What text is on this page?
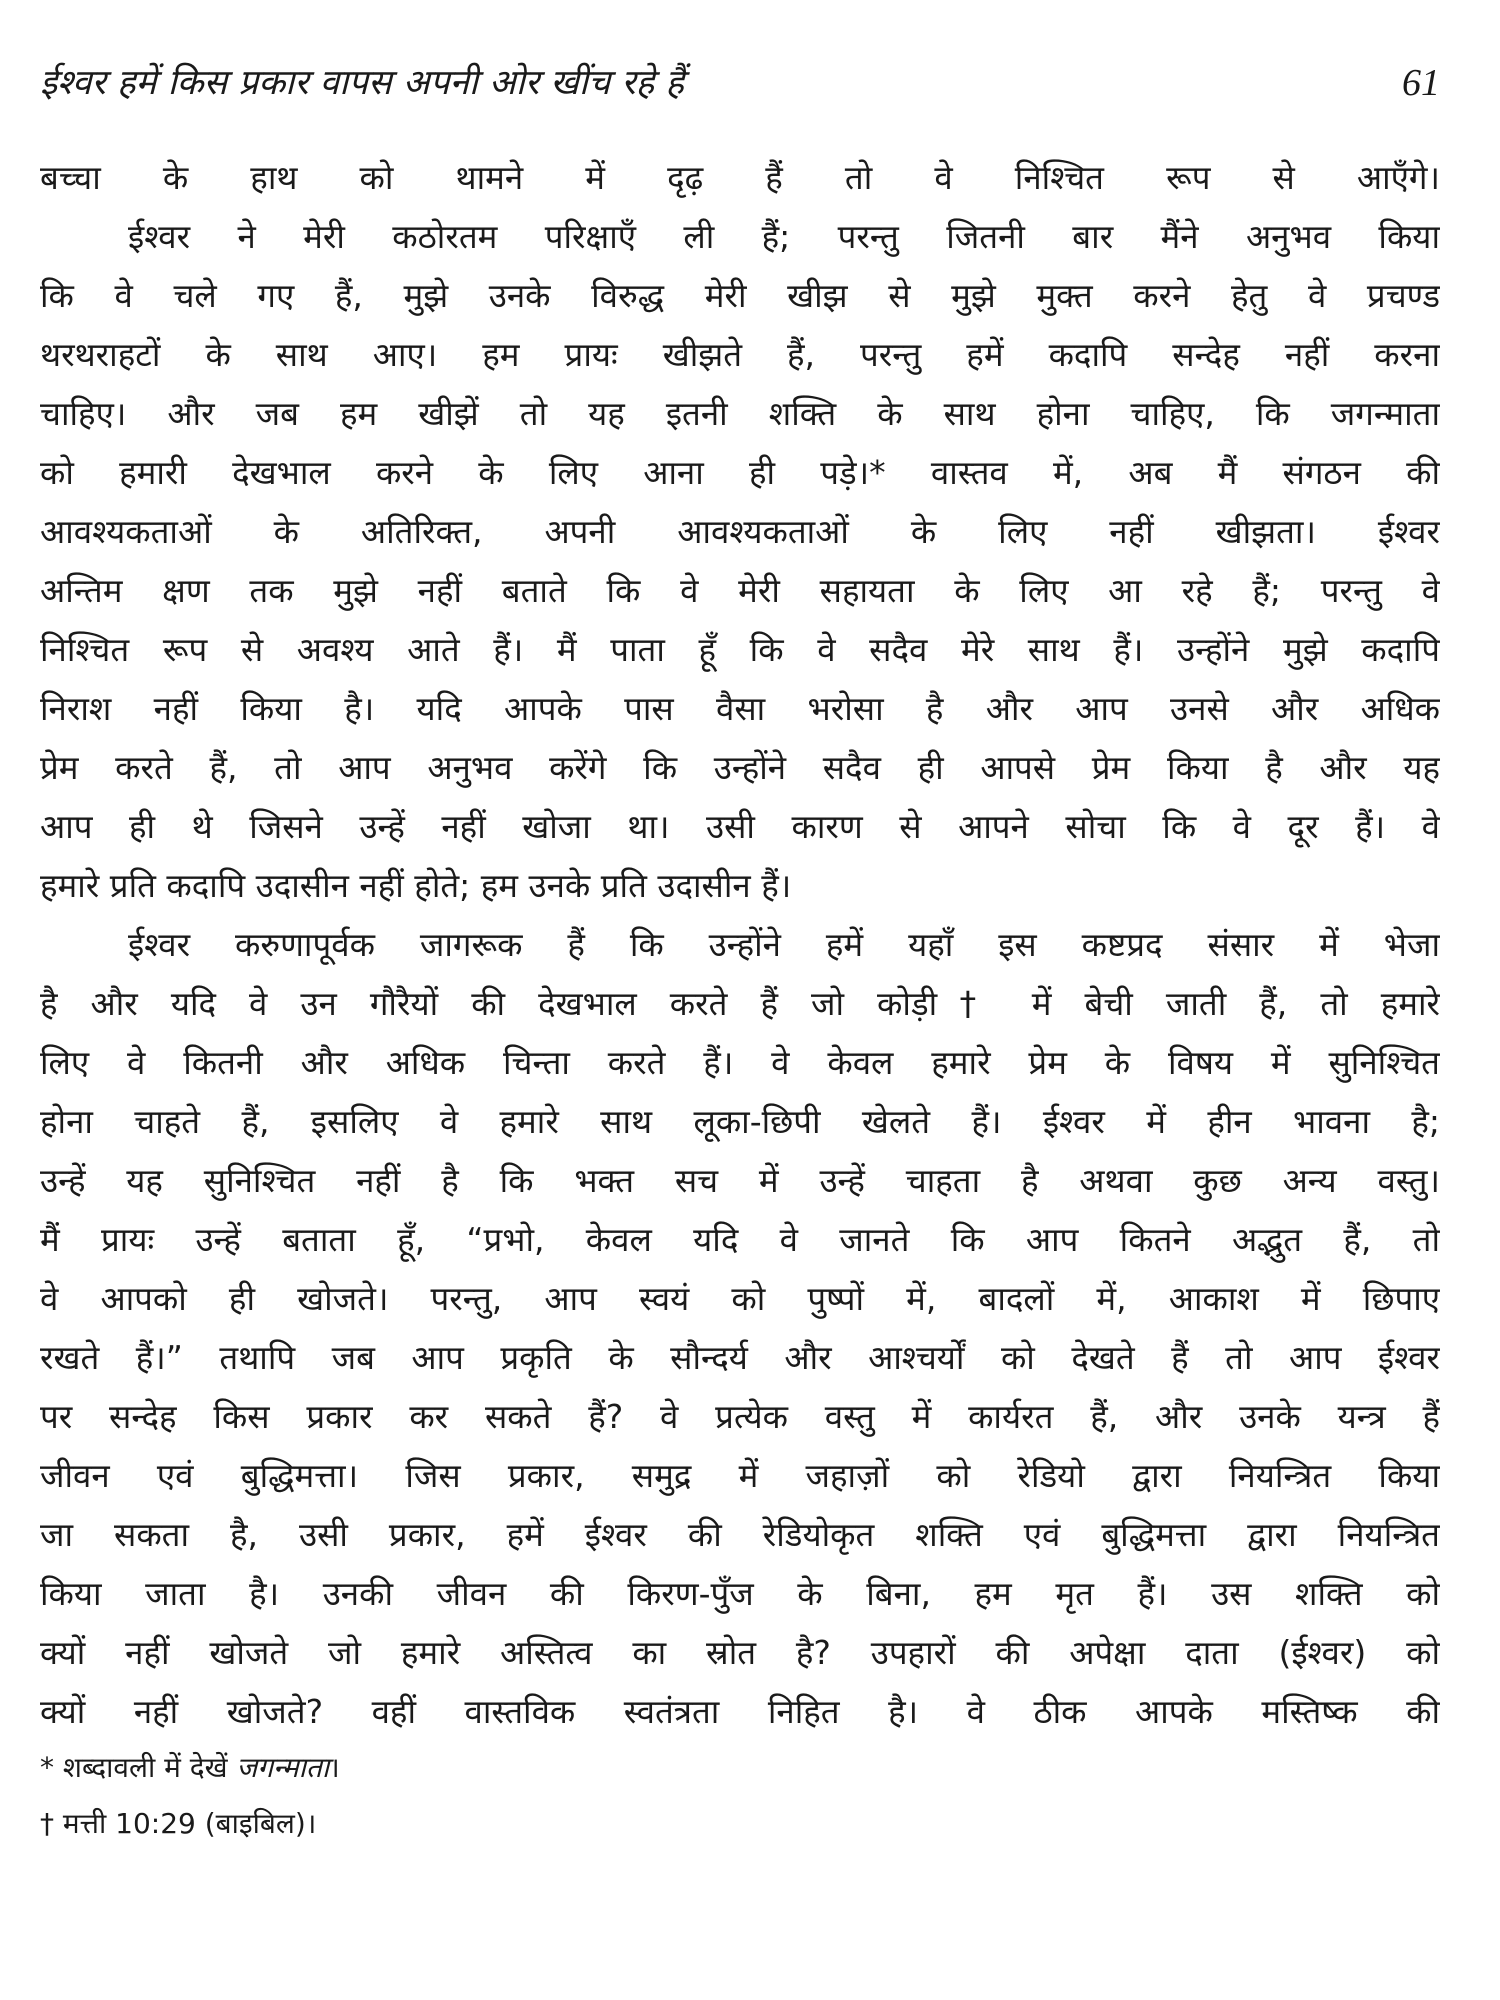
ईश्वर हमें किस प्रकार वापस अपनी ओर खींच रहे हैं	61
बच्चा के हाथ को थामने में दृढ़ हैं तो वे निश्चित रूप से आएँगे।
ईश्वर ने मेरी कठोरतम परिक्षाएँ ली हैं; परन्तु जितनी बार मैंने अनुभव किया
कि वे चले गए हैं, मुझे उनके विरुद्ध मेरी खीझ से मुझे मुक्त करने हेतु वे प्रचण्ड
थरथराहटों के साथ आए। हम प्रायः खीझते हैं, परन्तु हमें कदापि सन्देह नहीं करना
चाहिए। और जब हम खीझें तो यह इतनी शक्ति के साथ होना चाहिए, कि जगन्माता
को हमारी देखभाल करने के लिए आना ही पड़े।* वास्तव में, अब मैं संगठन की
आवश्यकताओं के अतिरिक्त, अपनी आवश्यकताओं के लिए नहीं खीझता। ईश्वर
अन्तिम क्षण तक मुझे नहीं बताते कि वे मेरी सहायता के लिए आ रहे हैं; परन्तु वे
निश्चित रूप से अवश्य आते हैं। मैं पाता हूँ कि वे सदैव मेरे साथ हैं। उन्होंने मुझे कदापि
निराश नहीं किया है। यदि आपके पास वैसा भरोसा है और आप उनसे और अधिक
प्रेम करते हैं, तो आप अनुभव करेंगे कि उन्होंने सदैव ही आपसे प्रेम किया है और यह
आप ही थे जिसने उन्हें नहीं खोजा था। उसी कारण से आपने सोचा कि वे दूर हैं। वे
हमारे प्रति कदापि उदासीन नहीं होते; हम उनके प्रति उदासीन हैं।
ईश्वर करुणापूर्वक जागरूक हैं कि उन्होंने हमें यहाँ इस कष्टप्रद संसार में भेजा
है और यदि वे उन गौरैयों की देखभाल करते हैं जो कोड़ी† में बेची जाती हैं, तो हमारे
लिए वे कितनी और अधिक चिन्ता करते हैं। वे केवल हमारे प्रेम के विषय में सुनिश्चित
होना चाहते हैं, इसलिए वे हमारे साथ लूका-छिपी खेलते हैं। ईश्वर में हीन भावना है;
उन्हें यह सुनिश्चित नहीं है कि भक्त सच में उन्हें चाहता है अथवा कुछ अन्य वस्तु।
मैं प्रायः उन्हें बताता हूँ, “प्रभो, केवल यदि वे जानते कि आप कितने अद्भुत हैं, तो
वे आपको ही खोजते। परन्तु, आप स्वयं को पुष्पों में, बादलों में, आकाश में छिपाए
रखते हैं।” तथापि जब आप प्रकृति के सौन्दर्य और आश्चर्यों को देखते हैं तो आप ईश्वर
पर सन्देह किस प्रकार कर सकते हैं? वे प्रत्येक वस्तु में कार्यरत हैं, और उनके यन्त्र हैं
जीवन एवं बुद्धिमत्ता। जिस प्रकार, समुद्र में जहाज़ों को रेडियो द्वारा नियन्त्रित किया
जा सकता है, उसी प्रकार, हमें ईश्वर की रेडियोकृत शक्ति एवं बुद्धिमत्ता द्वारा नियन्त्रित
किया जाता है। उनकी जीवन की किरण-पुँज के बिना, हम मृत हैं। उस शक्ति को
क्यों नहीं खोजते जो हमारे अस्तित्व का स्रोत है? उपहारों की अपेक्षा दाता (ईश्वर) को
क्यों नहीं खोजते? वहीं वास्तविक स्वतंत्रता निहित है। वे ठीक आपके मस्तिष्क की
* शब्दावली में देखें जगन्माता।
† मत्ती 10:29 (बाइबिल)।
